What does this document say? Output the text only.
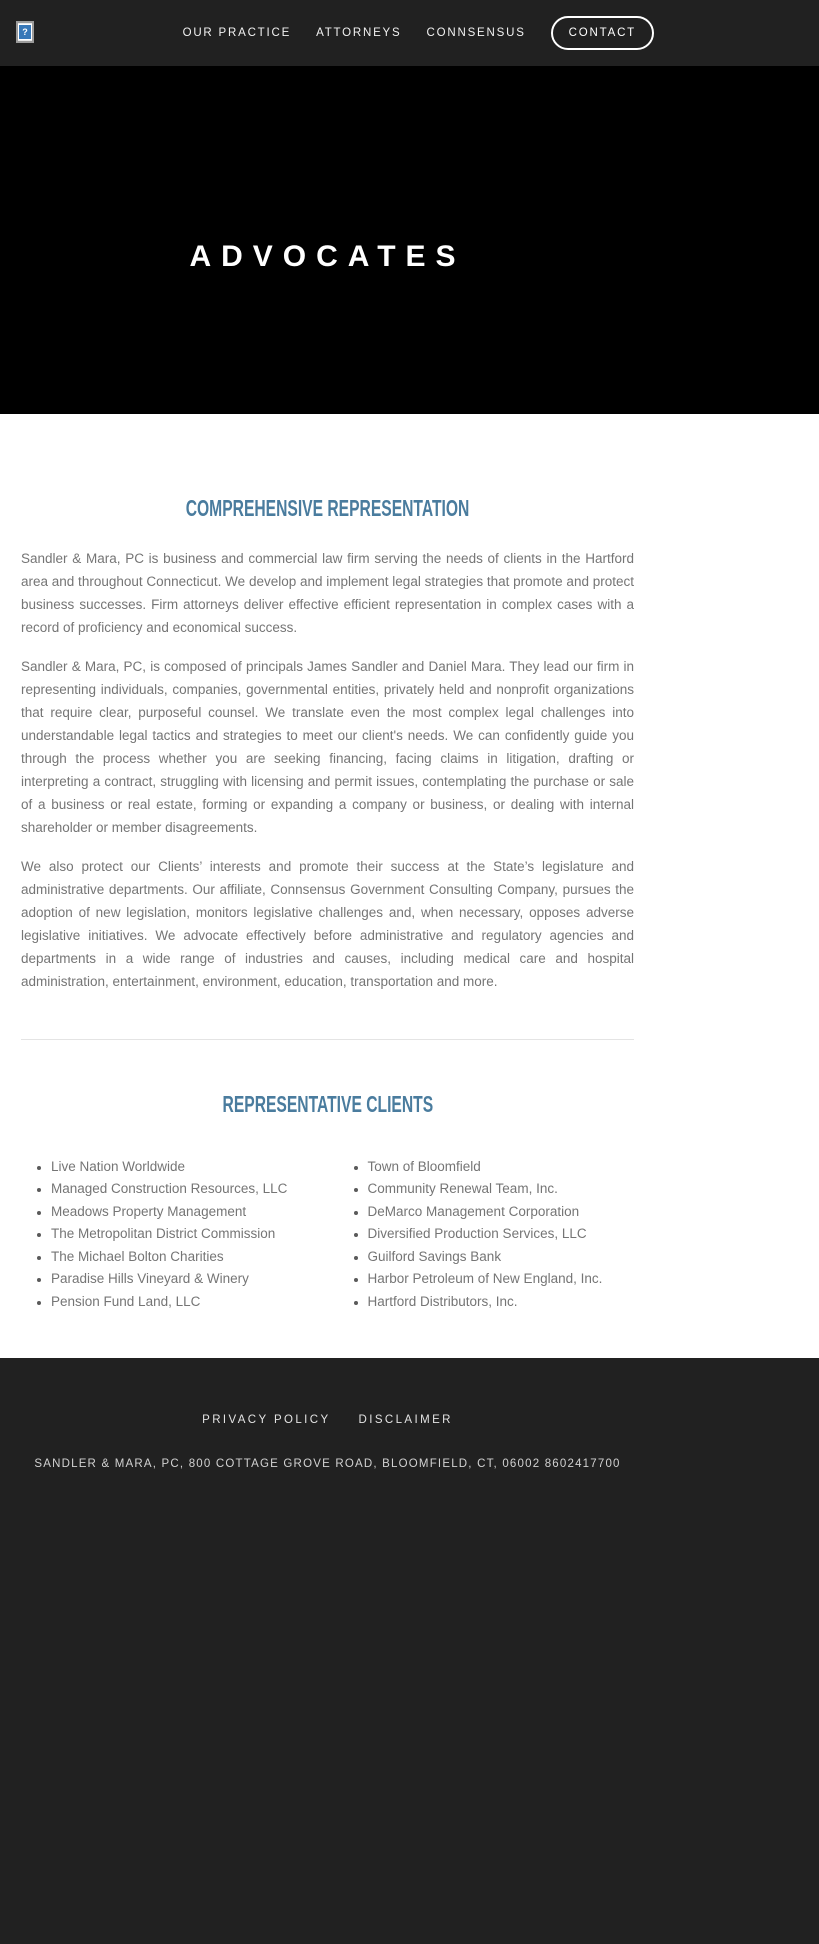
?	OUR PRACTICE ATTORNEYS CONNSENSUS	CONTACT
ADVOCATES
COMPREHENSIVE REPRESENTATION

Sandler & Mara, PC is business and commercial law firm serving the needs of clients in the Hartford area and throughout Connecticut. We develop and implement legal strategies that promote and protect business successes. Firm attorneys deliver effective efficient representation in complex cases with a record of proficiency and economical success.

Sandler & Mara, PC, is composed of principals James Sandler and Daniel Mara. They lead our firm in representing individuals, companies, governmental entities, privately held and nonprofit organizations that require clear, purposeful counsel. We translate even the most complex legal challenges into understandable legal tactics and strategies to meet our client's needs. We can confidently guide you through the process whether you are seeking financing, facing claims in litigation, drafting or interpreting a contract, struggling with licensing and permit issues, contemplating the purchase or sale of a business or real estate, forming or expanding a company or business, or dealing with internal shareholder or member disagreements.

We also protect our Clients’ interests and promote their success at the State’s legislature and administrative departments. Our affiliate, Connsensus Government Consulting Company, pursues the adoption of new legislation, monitors legislative challenges and, when necessary, opposes adverse legislative initiatives. We advocate effectively before administrative and regulatory agencies and departments in a wide range of industries and causes, including medical care and hospital administration, entertainment, environment, education, transportation and more.

REPRESENTATIVE CLIENTS
• Live Nation Worldwide
• Managed Construction Resources, LLC
• Meadows Property Management
• The Metropolitan District Commission
• The Michael Bolton Charities
• Paradise Hills Vineyard & Winery
• Pension Fund Land, LLC
• Town of Bloomfield
• Community Renewal Team, Inc.
• DeMarco Management Corporation
• Diversified Production Services, LLC
• Guilford Savings Bank
• Harbor Petroleum of New England, Inc.
• Hartford Distributors, Inc.
PRIVACY POLICY DISCLAIMER
SANDLER & MARA, PC, 800 COTTAGE GROVE ROAD, BLOOMFIELD, CT, 06002 8602417700
